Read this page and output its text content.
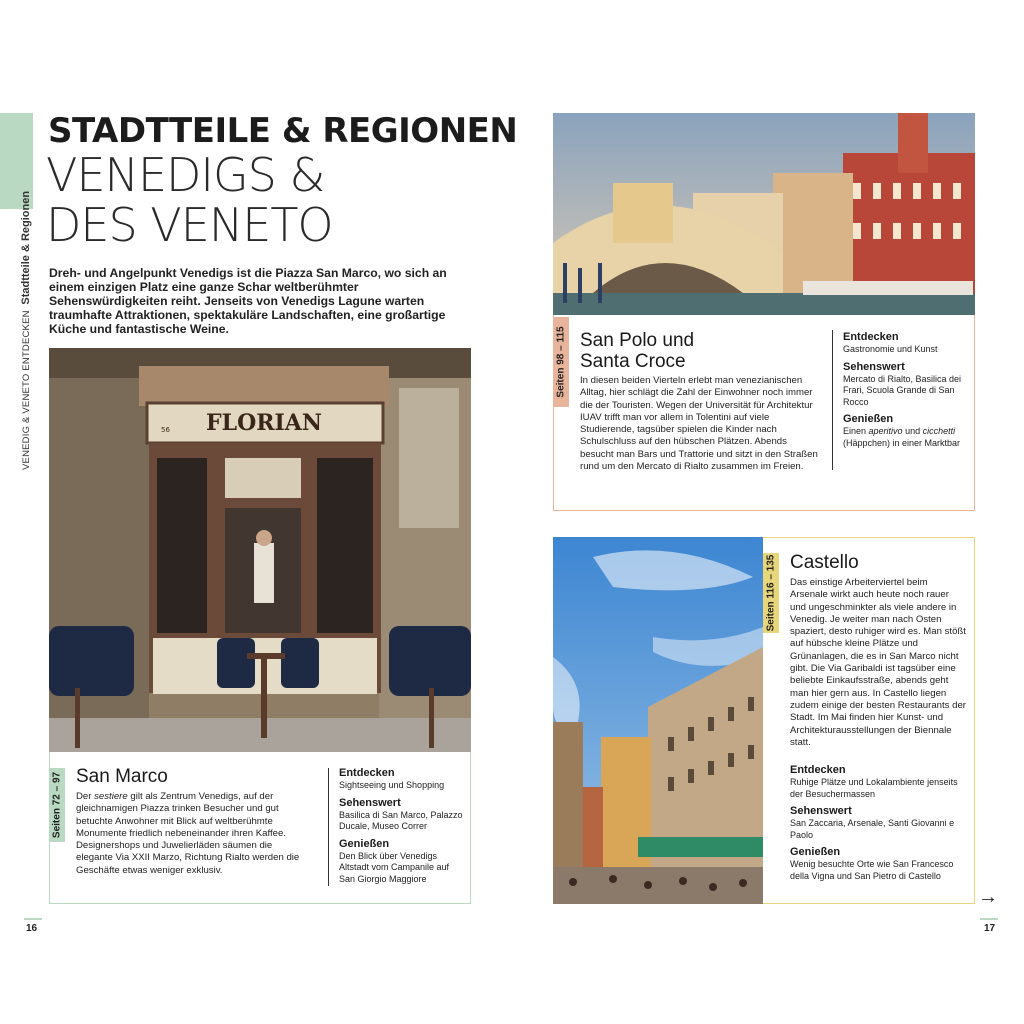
VENEDIG & VENETO ENTDECKEN  Stadtteile & Regionen
STADTTEILE & REGIONEN
VENEDIGS &
DES VENETO
Dreh- und Angelpunkt Venedigs ist die Piazza San Marco, wo sich an einem einzigen Platz eine ganze Schar weltberühmter Sehenswürdigkeiten reiht. Jenseits von Venedigs Lagune warten traumhafte Attraktionen, spektakuläre Landschaften, eine großartige Küche und fantastische Weine.
FLORIAN
56
Seiten 72 – 97 San Marco
Der sestiere gilt als Zentrum Venedigs, auf der gleichnamigen Piazza trinken Besucher und gut betuchte Anwohner mit Blick auf weltberühmte Monumente friedlich nebeneinander ihren Kaffee. Designershops und Juwelierläden säumen die elegante Via XXII Marzo, Richtung Rialto werden die Geschäfte etwas weniger exklusiv.
Entdecken
Sightseeing und Shopping
Sehenswert
Basilica di San Marco, Palazzo Ducale, Museo Correr
Genießen
Den Blick über Venedigs Altstadt vom Campanile auf San Giorgio Maggiore
16
Seiten 98 – 115 San Polo und
Santa Croce
In diesen beiden Vierteln erlebt man venezianischen Alltag, hier schlägt die Zahl der Einwohner noch immer die der Touristen. Wegen der Universität für Architektur IUAV trifft man vor allem in Tolentini auf viele Studierende, tagsüber spielen die Kinder nach Schulschluss auf den hübschen Plätzen. Abends besucht man Bars und Trattorie und sitzt in den Straßen rund um den Mercato di Rialto zusammen im Freien.
Entdecken
Gastronomie und Kunst
Sehenswert
Mercato di Rialto, Basilica dei Frari, Scuola Grande di San Rocco
Genießen
Einen aperitivo und cicchetti (Häppchen) in einer Marktbar
Seiten 116 – 135 Castello
Das einstige Arbeiterviertel beim Arsenale wirkt auch heute noch rauer und ungeschminkter als viele andere in Venedig. Je weiter man nach Osten spaziert, desto ruhiger wird es. Man stößt auf hübsche kleine Plätze und Grünanlagen, die es in San Marco nicht gibt. Die Via Garibaldi ist tagsüber eine beliebte Einkaufsstraße, abends geht man hier gern aus. In Castello liegen zudem einige der besten Restaurants der Stadt. Im Mai finden hier Kunst- und Architekturausstellungen der Biennale statt.
Entdecken
Ruhige Plätze und Lokalambiente jenseits der Besuchermassen
Sehenswert
San Zaccaria, Arsenale, Santi Giovanni e Paolo
Genießen
Wenig besuchte Orte wie San Francesco della Vigna und San Pietro di Castello
→
17
